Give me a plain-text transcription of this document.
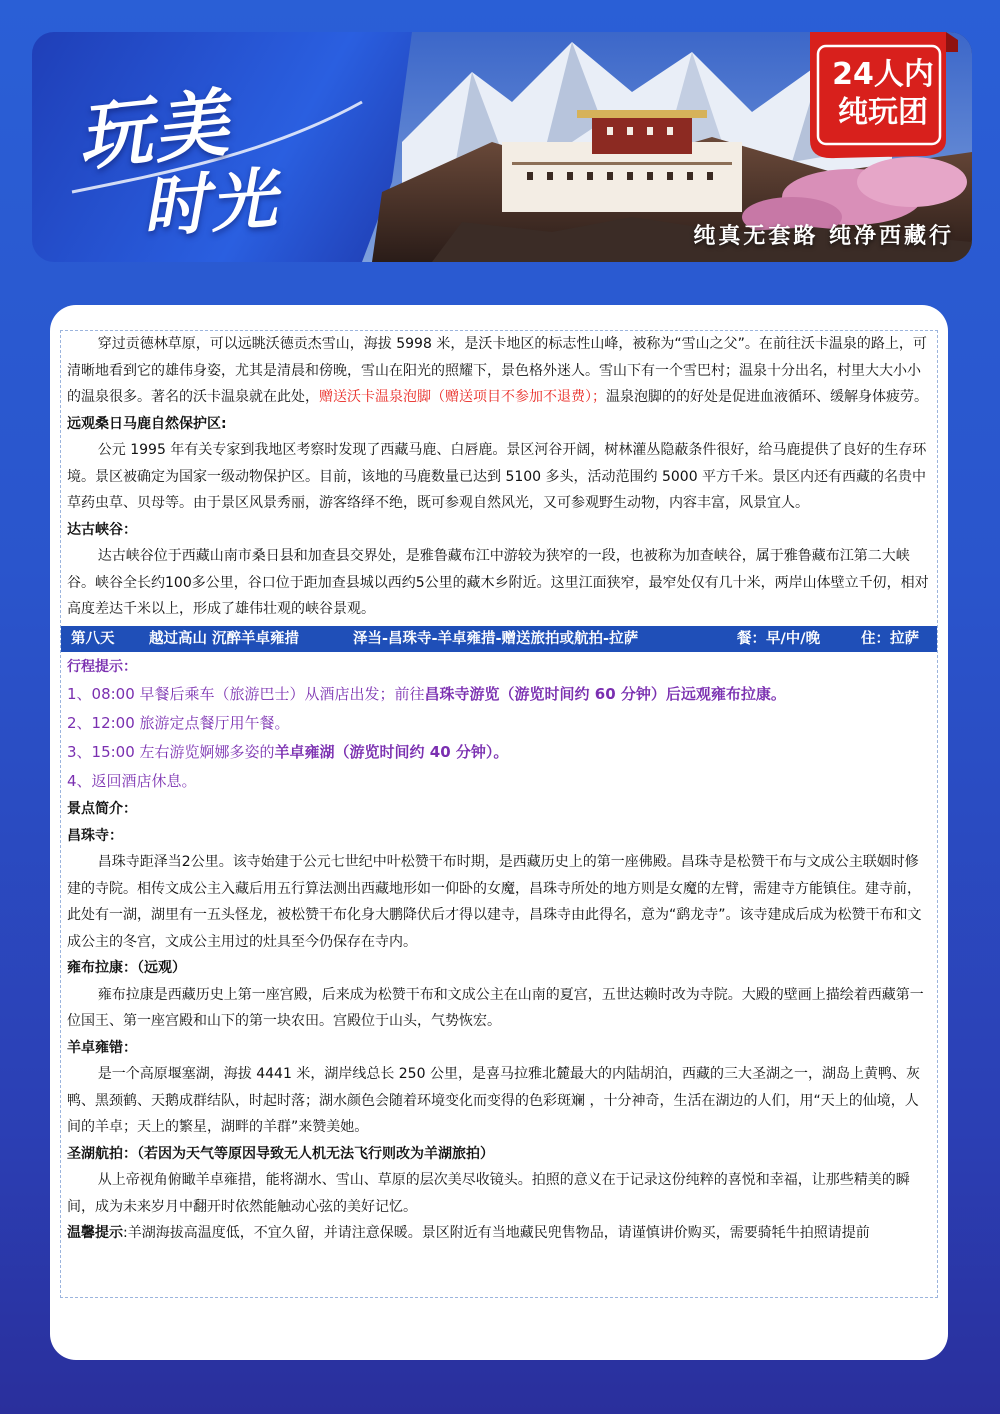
玩美
时光
24人内
纯玩团
纯真无套路 纯净西藏行

穿过贡德林草原，可以远眺沃德贡杰雪山，海拔 5998 米，是沃卡地区的标志性山峰，被称为“雪山之父”。在前往沃卡温泉的路上，可清晰地看到它的雄伟身姿，尤其是清晨和傍晚，雪山在阳光的照耀下，景色格外迷人。雪山下有一个雪巴村；温泉十分出名，村里大大小小的温泉很多。著名的沃卡温泉就在此处，赠送沃卡温泉泡脚（赠送项目不参加不退费）；温泉泡脚的的好处是促进血液循环、缓解身体疲劳。

远观桑日马鹿自然保护区:

公元 1995 年有关专家到我地区考察时发现了西藏马鹿、白唇鹿。景区河谷开阔，树林灌丛隐蔽条件很好，给马鹿提供了良好的生存环境。景区被确定为国家一级动物保护区。目前，该地的马鹿数量已达到 5100 多头，活动范围约 5000 平方千米。景区内还有西藏的名贵中草药虫草、贝母等。由于景区风景秀丽，游客络绎不绝，既可参观自然风光，又可参观野生动物，内容丰富，风景宜人。

达古峡谷：

达古峡谷位于西藏山南市桑日县和加查县交界处，是雅鲁藏布江中游较为狭窄的一段，也被称为加查峡谷，属于雅鲁藏布江第二大峡谷。峡谷全长约100多公里，谷口位于距加查县城以西约5公里的藏木乡附近。这里江面狭窄，最窄处仅有几十米，两岸山体壁立千仞，相对高度差达千米以上，形成了雄伟壮观的峡谷景观。

第八天 越过高山 沉醉羊卓雍措	泽当-昌珠寺-羊卓雍措-赠送旅拍或航拍-拉萨	餐：早/中/晚	住：拉萨
行程提示：
1、08:00 早餐后乘车（旅游巴士）从酒店出发；前往昌珠寺游览（游览时间约 60 分钟）后远观雍布拉康。
2、12:00 旅游定点餐厅用午餐。
3、15:00 左右游览婀娜多姿的羊卓雍湖（游览时间约 40 分钟）。
4、返回酒店休息。
景点简介：
昌珠寺：

昌珠寺距泽当2公里。该寺始建于公元七世纪中叶松赞干布时期，是西藏历史上的第一座佛殿。昌珠寺是松赞干布与文成公主联姻时修建的寺院。相传文成公主入藏后用五行算法测出西藏地形如一仰卧的女魔，昌珠寺所处的地方则是女魔的左臂，需建寺方能镇住。建寺前，此处有一湖，湖里有一五头怪龙，被松赞干布化身大鹏降伏后才得以建寺，昌珠寺由此得名，意为“鹞龙寺”。该寺建成后成为松赞干布和文成公主的冬宫，文成公主用过的灶具至今仍保存在寺内。

雍布拉康：（远观）

雍布拉康是西藏历史上第一座宫殿，后来成为松赞干布和文成公主在山南的夏宫，五世达赖时改为寺院。大殿的壁画上描绘着西藏第一位国王、第一座宫殿和山下的第一块农田。宫殿位于山头，气势恢宏。

羊卓雍错：

是一个高原堰塞湖，海拔 4441 米，湖岸线总长 250 公里，是喜马拉雅北麓最大的内陆胡泊，西藏的三大圣湖之一，湖岛上黄鸭、灰鸭、黑颈鹤、天鹅成群结队，时起时落；湖水颜色会随着环境变化而变得的色彩斑斓 ，十分神奇，生活在湖边的人们，用“天上的仙境，人间的羊卓；天上的繁星，湖畔的羊群”来赞美她。

圣湖航拍：（若因为天气等原因导致无人机无法飞行则改为羊湖旅拍）

从上帝视角俯瞰羊卓雍措，能将湖水、雪山、草原的层次美尽收镜头。拍照的意义在于记录这份纯粹的喜悦和幸福，让那些精美的瞬间，成为未来岁月中翻开时依然能触动心弦的美好记忆。

温馨提示:羊湖海拔高温度低，不宜久留，并请注意保暖。景区附近有当地藏民兜售物品，请谨慎讲价购买，需要骑牦牛拍照请提前
